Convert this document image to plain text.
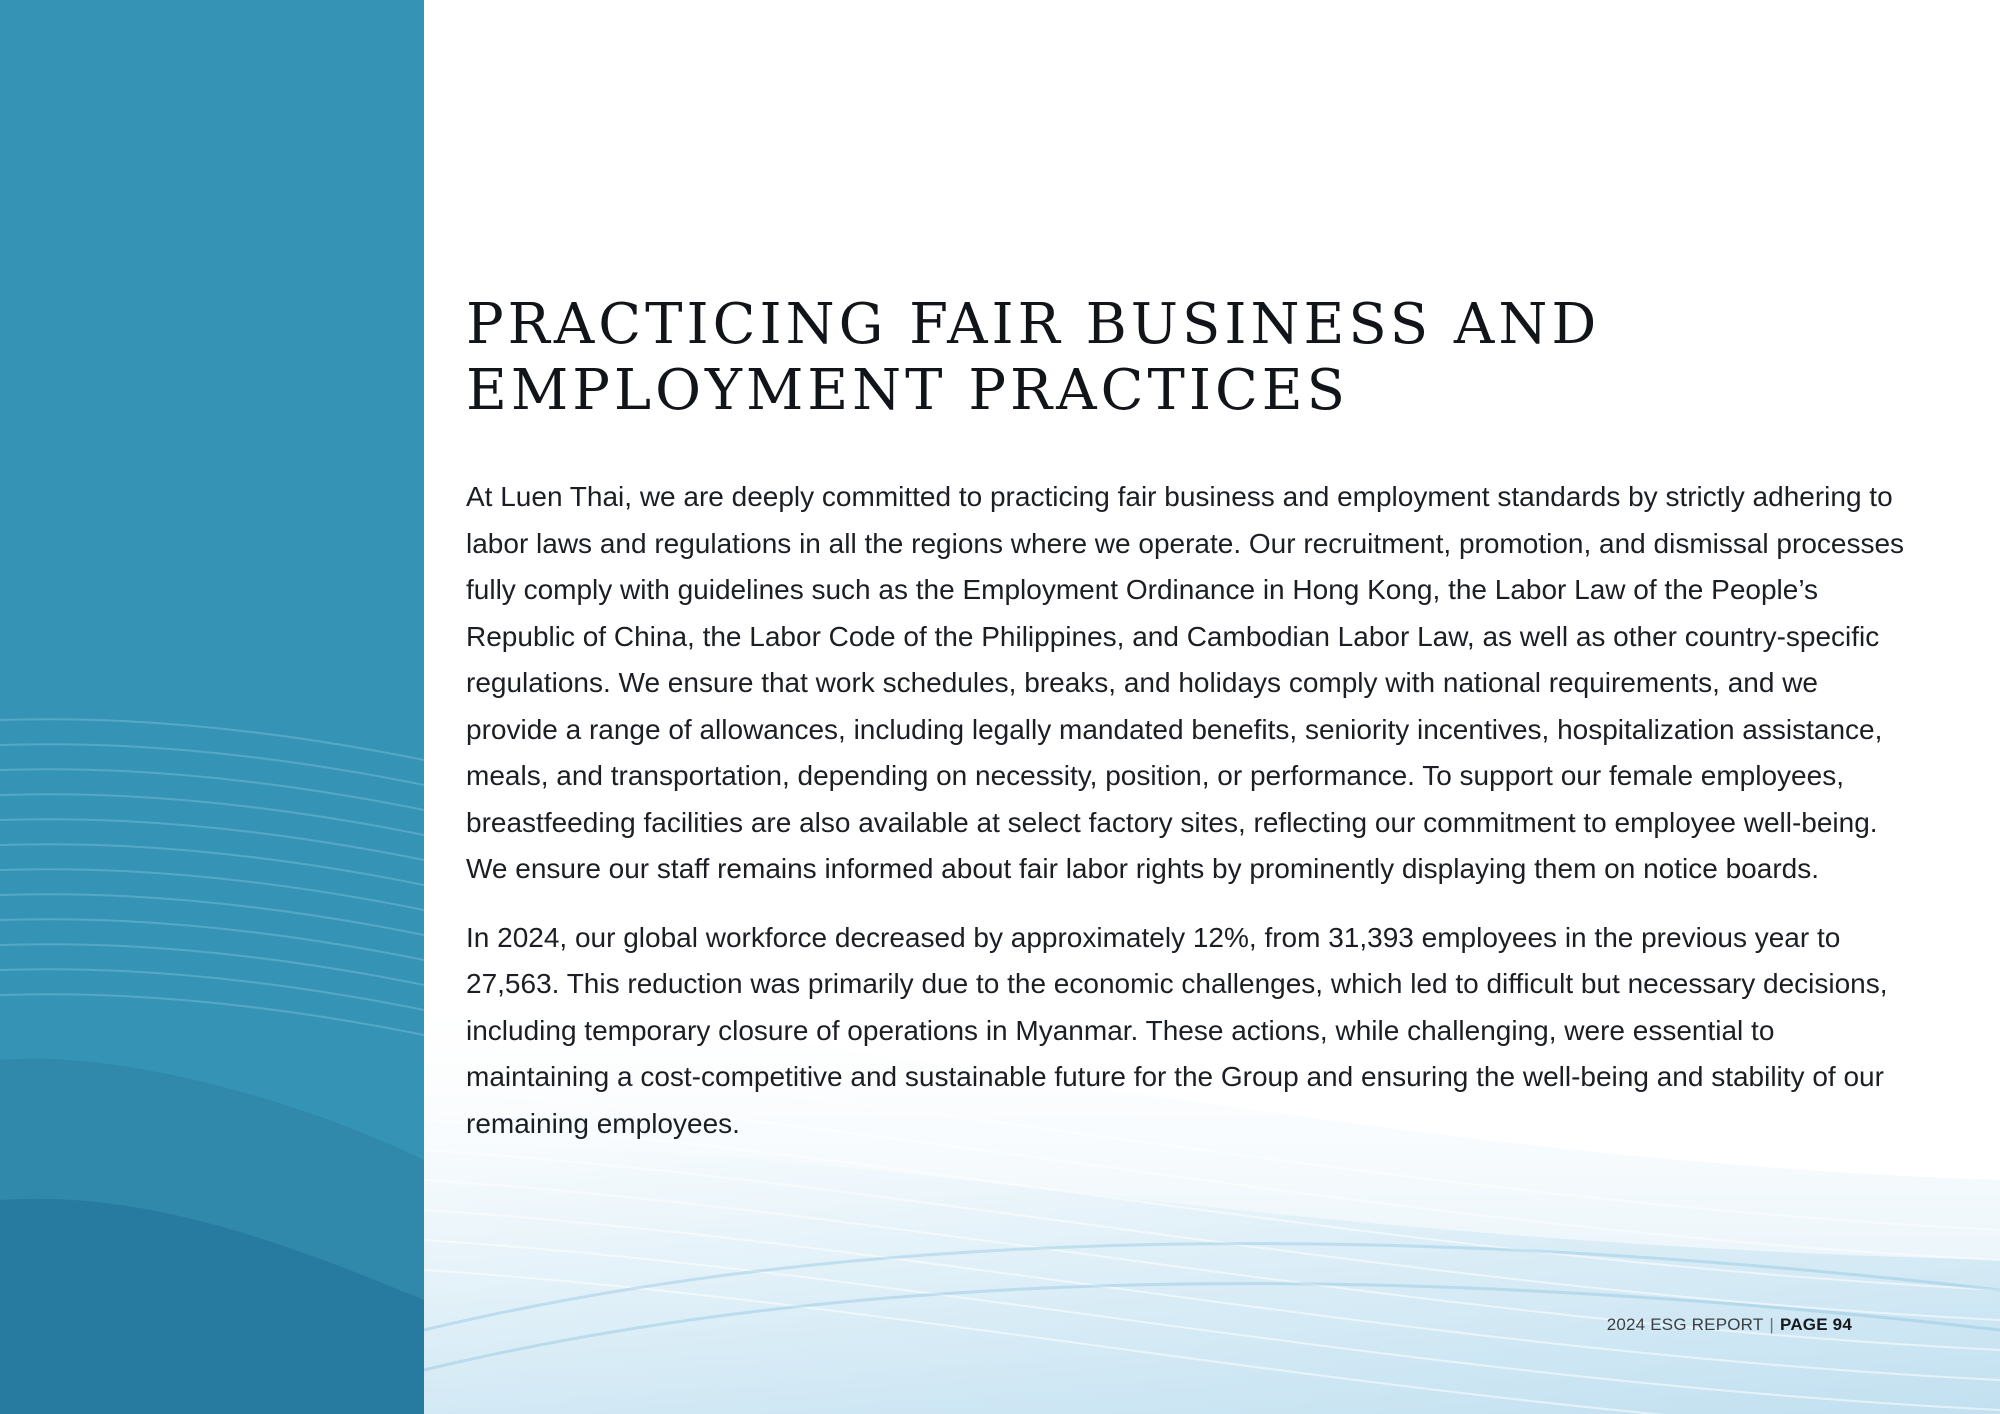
PRACTICING FAIR BUSINESS AND
EMPLOYMENT PRACTICES

At Luen Thai, we are deeply committed to practicing fair business and employment standards by strictly adhering to labor laws and regulations in all the regions where we operate. Our recruitment, promotion, and dismissal processes fully comply with guidelines such as the Employment Ordinance in Hong Kong, the Labor Law of the People’s Republic of China, the Labor Code of the Philippines, and Cambodian Labor Law, as well as other country-specific regulations. We ensure that work schedules, breaks, and holidays comply with national requirements, and we provide a range of allowances, including legally mandated benefits, seniority incentives, hospitalization assistance, meals, and transportation, depending on necessity, position, or performance. To support our female employees, breastfeeding facilities are also available at select factory sites, reflecting our commitment to employee well-being. We ensure our staff remains informed about fair labor rights by prominently displaying them on notice boards.

In 2024, our global workforce decreased by approximately 12%, from 31,393 employees in the previous year to 27,563. This reduction was primarily due to the economic challenges, which led to difficult but necessary decisions, including temporary closure of operations in Myanmar. These actions, while challenging, were essential to maintaining a cost-competitive and sustainable future for the Group and ensuring the well-being and stability of our remaining employees.

2024 ESG REPORT | PAGE 94
